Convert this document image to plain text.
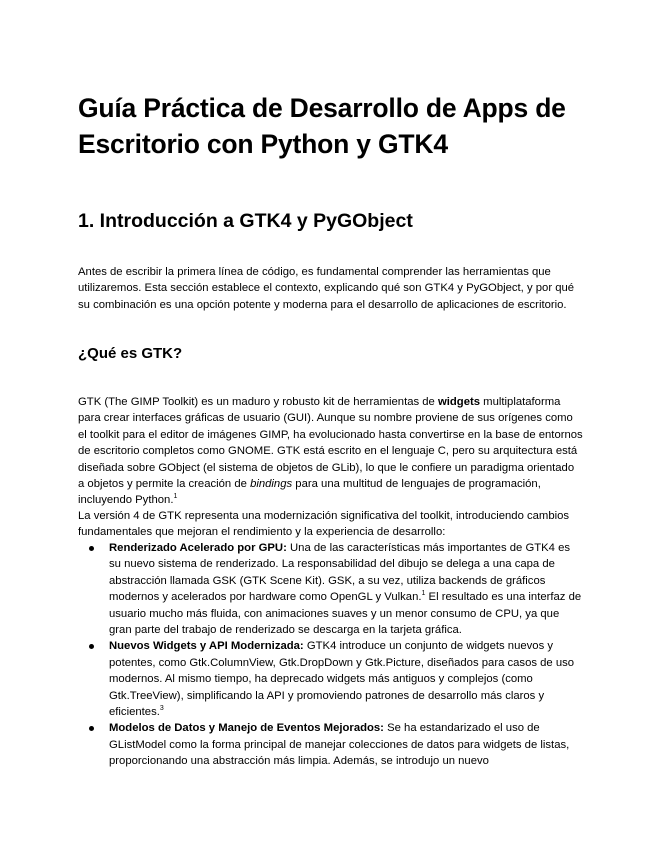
Guía Práctica de Desarrollo de Apps de Escritorio con Python y GTK4
1. Introducción a GTK4 y PyGObject

Antes de escribir la primera línea de código, es fundamental comprender las herramientas que utilizaremos. Esta sección establece el contexto, explicando qué son GTK4 y PyGObject, y por qué su combinación es una opción potente y moderna para el desarrollo de aplicaciones de escritorio.

¿Qué es GTK?

GTK (The GIMP Toolkit) es un maduro y robusto kit de herramientas de widgets multiplataforma para crear interfaces gráficas de usuario (GUI). Aunque su nombre proviene de sus orígenes como el toolkit para el editor de imágenes GIMP, ha evolucionado hasta convertirse en la base de entornos de escritorio completos como GNOME. GTK está escrito en el lenguaje C, pero su arquitectura está diseñada sobre GObject (el sistema de objetos de GLib), lo que le confiere un paradigma orientado a objetos y permite la creación de bindings para una multitud de lenguajes de programación, incluyendo Python.$^1$

La versión 4 de GTK representa una modernización significativa del toolkit, introduciendo cambios fundamentales que mejoran el rendimiento y la experiencia de desarrollo:

Renderizado Acelerado por GPU: Una de las características más importantes de GTK4 es su nuevo sistema de renderizado. La responsabilidad del dibujo se delega a una capa de abstracción llamada GSK (GTK Scene Kit). GSK, a su vez, utiliza backends de gráficos modernos y acelerados por hardware como OpenGL y Vulkan.$^1$ El resultado es una interfaz de usuario mucho más fluida, con animaciones suaves y un menor consumo de CPU, ya que gran parte del trabajo de renderizado se descarga en la tarjeta gráfica.
Nuevos Widgets y API Modernizada: GTK4 introduce un conjunto de widgets nuevos y potentes, como Gtk.ColumnView, Gtk.DropDown y Gtk.Picture, diseñados para casos de uso modernos. Al mismo tiempo, ha deprecado widgets más antiguos y complejos (como Gtk.TreeView), simplificando la API y promoviendo patrones de desarrollo más claros y eficientes.$^3$
Modelos de Datos y Manejo de Eventos Mejorados: Se ha estandarizado el uso de GListModel como la forma principal de manejar colecciones de datos para widgets de listas, proporcionando una abstracción más limpia. Además, se introdujo un nuevo
